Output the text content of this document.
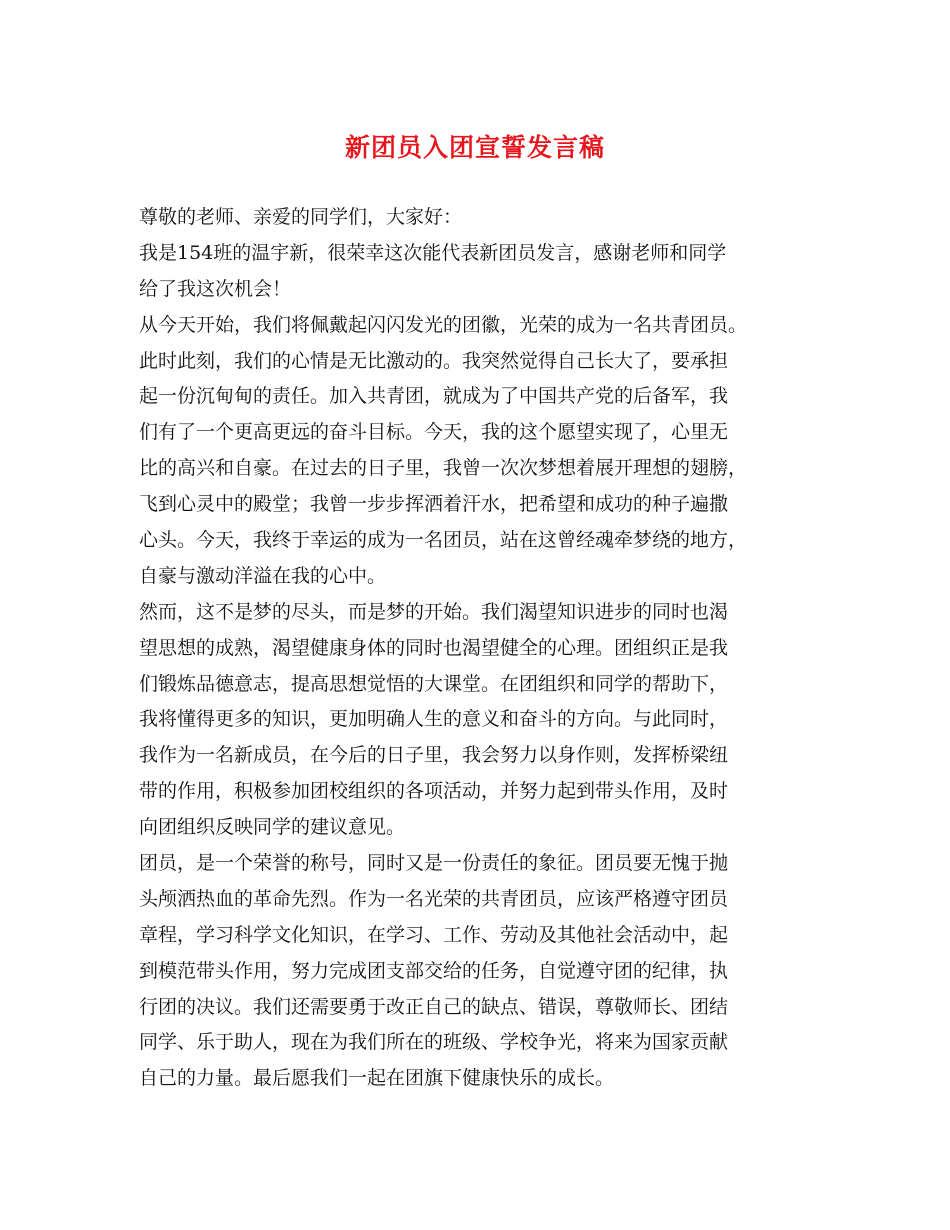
新团员入团宣誓发言稿

尊敬的老师、亲爱的同学们，大家好：

我是154班的温宇新，很荣幸这次能代表新团员发言，感谢老师和同学

给了我这次机会！

从今天开始，我们将佩戴起闪闪发光的团徽，光荣的成为一名共青团员。

此时此刻，我们的心情是无比激动的。我突然觉得自己长大了，要承担

起一份沉甸甸的责任。加入共青团，就成为了中国共产党的后备军，我

们有了一个更高更远的奋斗目标。今天，我的这个愿望实现了，心里无

比的高兴和自豪。在过去的日子里，我曾一次次梦想着展开理想的翅膀，

飞到心灵中的殿堂；我曾一步步挥洒着汗水，把希望和成功的种子遍撒

心头。今天，我终于幸运的成为一名团员，站在这曾经魂牵梦绕的地方，

自豪与激动洋溢在我的心中。

然而，这不是梦的尽头，而是梦的开始。我们渴望知识进步的同时也渴

望思想的成熟，渴望健康身体的同时也渴望健全的心理。团组织正是我

们锻炼品德意志，提高思想觉悟的大课堂。在团组织和同学的帮助下，

我将懂得更多的知识，更加明确人生的意义和奋斗的方向。与此同时，

我作为一名新成员，在今后的日子里，我会努力以身作则，发挥桥梁纽

带的作用，积极参加团校组织的各项活动，并努力起到带头作用，及时

向团组织反映同学的建议意见。

团员，是一个荣誉的称号，同时又是一份责任的象征。团员要无愧于抛

头颅洒热血的革命先烈。作为一名光荣的共青团员，应该严格遵守团员

章程，学习科学文化知识，在学习、工作、劳动及其他社会活动中，起

到模范带头作用，努力完成团支部交给的任务，自觉遵守团的纪律，执

行团的决议。我们还需要勇于改正自己的缺点、错误，尊敬师长、团结

同学、乐于助人，现在为我们所在的班级、学校争光，将来为国家贡献

自己的力量。最后愿我们一起在团旗下健康快乐的成长。
